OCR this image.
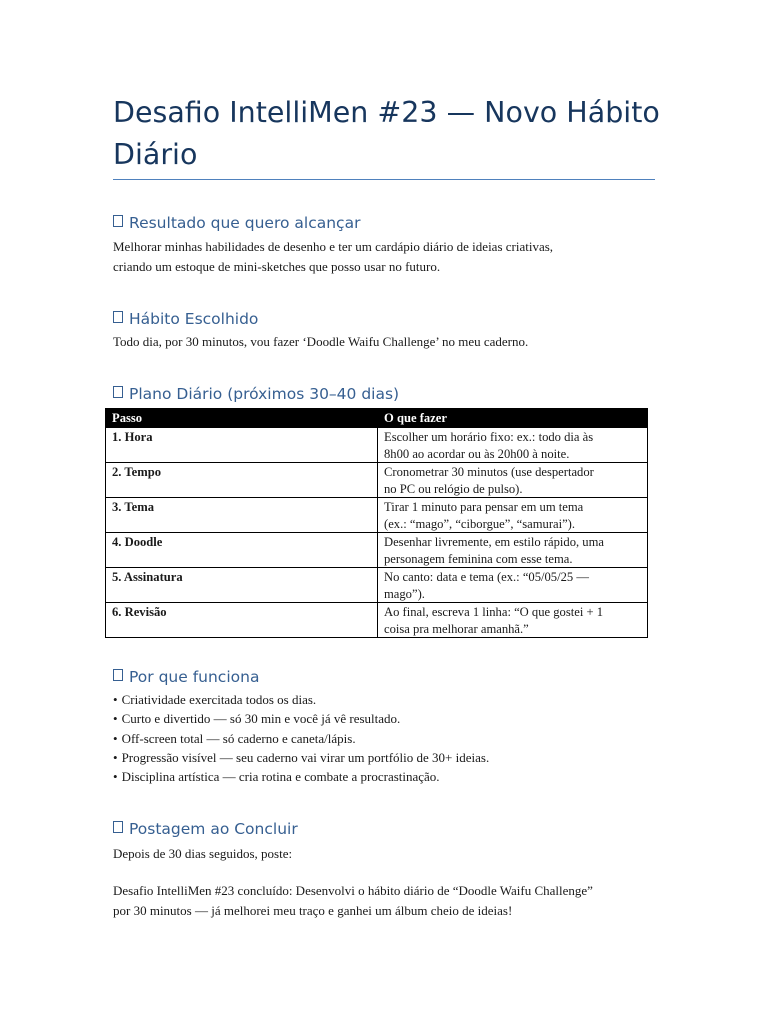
Desafio IntelliMen #23 — Novo Hábito Diário
Resultado que quero alcançar

Melhorar minhas habilidades de desenho e ter um cardápio diário de ideias criativas,

criando um estoque de mini-sketches que posso usar no futuro.

Hábito Escolhido

Todo dia, por 30 minutos, vou fazer ‘Doodle Waifu Challenge’ no meu caderno.

Plano Diário (próximos 30–40 dias)
Passo	O que fazer
1. Hora	Escolher um horário fixo: ex.: todo dia às
8h00 ao acordar ou às 20h00 à noite.
2. Tempo	Cronometrar 30 minutos (use despertador
no PC ou relógio de pulso).
3. Tema	Tirar 1 minuto para pensar em um tema
(ex.: “mago”, “ciborgue”, “samurai”).
4. Doodle	Desenhar livremente, em estilo rápido, uma
personagem feminina com esse tema.
5. Assinatura	No canto: data e tema (ex.: “05/05/25 —
mago”).
6. Revisão	Ao final, escreva 1 linha: “O que gostei + 1
coisa pra melhorar amanhã.”
Por que funciona
• Criatividade exercitada todos os dias.
• Curto e divertido — só 30 min e você já vê resultado.
• Off-screen total — só caderno e caneta/lápis.
• Progressão visível — seu caderno vai virar um portfólio de 30+ ideias.
• Disciplina artística — cria rotina e combate a procrastinação.
Postagem ao Concluir

Depois de 30 dias seguidos, poste:

Desafio IntelliMen #23 concluído: Desenvolvi o hábito diário de “Doodle Waifu Challenge”

por 30 minutos — já melhorei meu traço e ganhei um álbum cheio de ideias!
